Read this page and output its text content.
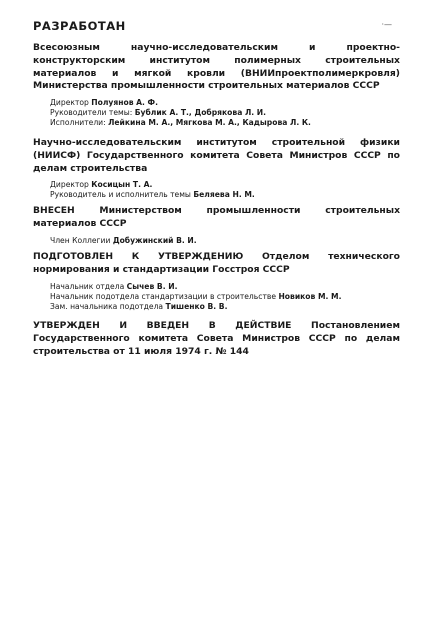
РАЗРАБОТАН	·—

Всесоюзным научно-исследовательским и проектно-конструкторским институтом полимерных строительных материалов и мягкой кровли (ВНИИпроектполимеркровля) Министерства промышленности строительных материалов СССР

Директор Полуянов А. Ф.
Руководители темы: Бублик А. Т., Добрякова Л. И.
Исполнители: Лейкина М. А., Мягкова М. А., Кадырова Л. К.

Научно-исследовательским институтом строительной физики (НИИСФ) Государственного комитета Совета Министров СССР по делам строительства

Директор Косицын Т. А.
Руководитель и исполнитель темы Беляева Н. М.

ВНЕСЕН	Министерством промышленности строительных материалов СССР

Член Коллегии Добужинский В. И.

ПОДГОТОВЛЕН К УТВЕРЖДЕНИЮ Отделом технического нормирования и стандартизации Госстроя СССР

Начальник отдела Сычев В. И.
Начальник подотдела стандартизации в строительстве Новиков М. М.
Зам. начальника подотдела Тишенко В. В.

УТВЕРЖДЕН И ВВЕДЕН В ДЕЙСТВИЕ Постановлением Государственного комитета Совета Министров СССР по делам строительства от 11 июля 1974 г. № 144
